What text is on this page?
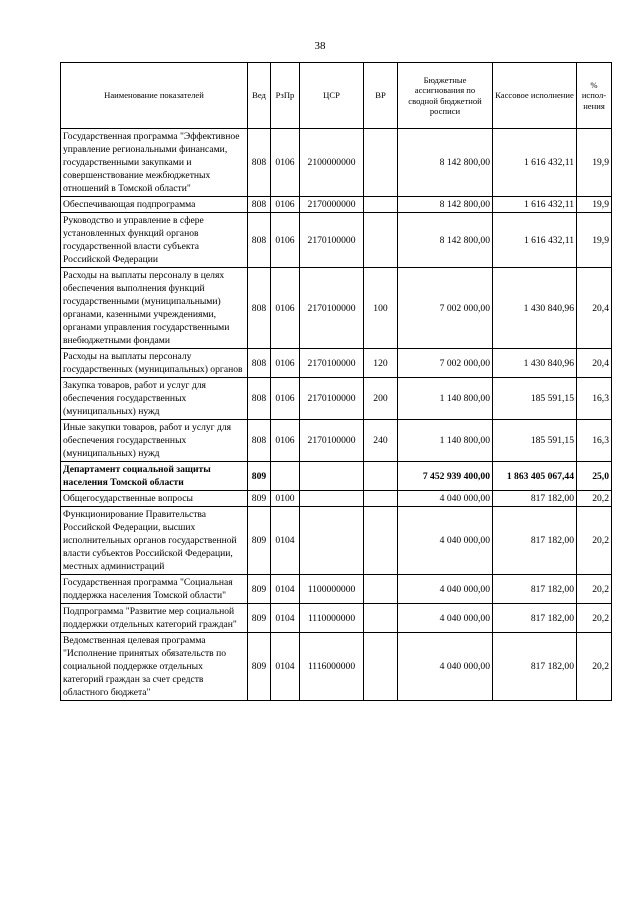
38
Наименование показателей	Вед	РзПр	ЦСР	ВР	Бюджетные ассигнования по сводной бюджетной росписи	Кассовое исполнение	% испол-нения
Государственная программа "Эффективное управление региональными финансами, государственными закупками и совершенствование межбюджетных отношений в Томской области"	808	0106	2100000000		8 142 800,00	1 616 432,11	19,9
Обеспечивающая подпрограмма	808	0106	2170000000		8 142 800,00	1 616 432,11	19,9
Руководство и управление в сфере установленных функций органов государственной власти субъекта Российской Федерации	808	0106	2170100000		8 142 800,00	1 616 432,11	19,9
Расходы на выплаты персоналу в целях обеспечения выполнения функций государственными (муниципальными) органами, казенными учреждениями, органами управления государственными внебюджетными фондами	808	0106	2170100000	100	7 002 000,00	1 430 840,96	20,4
Расходы на выплаты персоналу государственных (муниципальных) органов	808	0106	2170100000	120	7 002 000,00	1 430 840,96	20,4
Закупка товаров, работ и услуг для обеспечения государственных (муниципальных) нужд	808	0106	2170100000	200	1 140 800,00	185 591,15	16,3
Иные закупки товаров, работ и услуг для обеспечения государственных (муниципальных) нужд	808	0106	2170100000	240	1 140 800,00	185 591,15	16,3
Департамент социальной защиты населения Томской области	809				7 452 939 400,00	1 863 405 067,44	25,0
Общегосударственные вопросы	809	0100			4 040 000,00	817 182,00	20,2
Функционирование Правительства Российской Федерации, высших исполнительных органов государственной власти субъектов Российской Федерации, местных администраций	809	0104			4 040 000,00	817 182,00	20,2
Государственная программа "Социальная поддержка населения Томской области"	809	0104	1100000000		4 040 000,00	817 182,00	20,2
Подпрограмма "Развитие мер социальной поддержки отдельных категорий граждан"	809	0104	1110000000		4 040 000,00	817 182,00	20,2
Ведомственная целевая программа "Исполнение принятых обязательств по социальной поддержке отдельных категорий граждан за счет средств областного бюджета"	809	0104	1116000000		4 040 000,00	817 182,00	20,2
